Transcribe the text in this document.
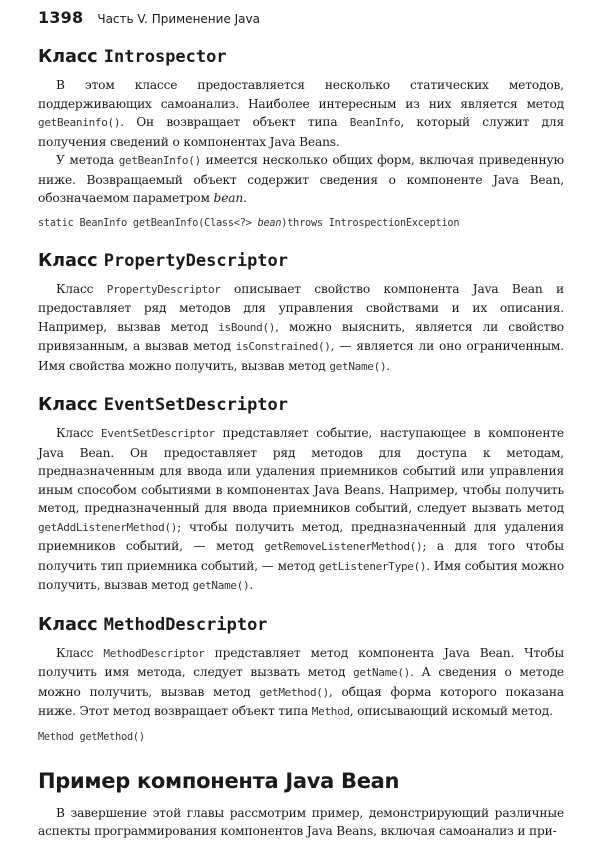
1398 Часть V. Применение Java
Класс Introspector

В этом классе предоставляется несколько статических методов, поддерживающих самоанализ. Наиболее интересным из них является метод getBeaninfo(). Он возвращает объект типа BeanInfo, который служит для получения сведений о компонентах Java Beans.

У метода getBeanInfo() имеется несколько общих форм, включая приведенную ниже. Возвращаемый объект содержит сведения о компоненте Java Bean, обозначаемом параметром bean.

static BeanInfo getBeanInfo(Class<?> bean)throws IntrospectionException
Класс PropertyDescriptor

Класс PropertyDescriptor описывает свойство компонента Java Bean и предоставляет ряд методов для управления свойствами и их описания. Например, вызвав метод isBound(), можно выяснить, является ли свойство привязанным, а вызвав метод isConstrained(), — является ли оно ограниченным. Имя свойства можно получить, вызвав метод getName().

Класс EventSetDescriptor

Класс EventSetDescriptor представляет событие, наступающее в компоненте Java Bean. Он предоставляет ряд методов для доступа к методам, предназначенным для ввода или удаления приемников событий или управления иным способом событиями в компонентах Java Beans. Например, чтобы получить метод, предназначенный для ввода приемников событий, следует вызвать метод getAddListenerMethod(); чтобы получить метод, предназначенный для удаления приемников событий, — метод getRemoveListenerMethod(); а для того чтобы получить тип приемника событий, — метод getListenerType(). Имя события можно получить, вызвав метод getName().

Класс MethodDescriptor

Класс MethodDescriptor представляет метод компонента Java Bean. Чтобы получить имя метода, следует вызвать метод getName(). А сведения о методе можно получить, вызвав метод getMethod(), общая форма которого показана ниже. Этот метод возвращает объект типа Method, описывающий искомый метод.

Method getMethod()
Пример компонента Java Bean

В завершение этой главы рассмотрим пример, демонстрирующий различные аспекты программирования компонентов Java Beans, включая самоанализ и при-
